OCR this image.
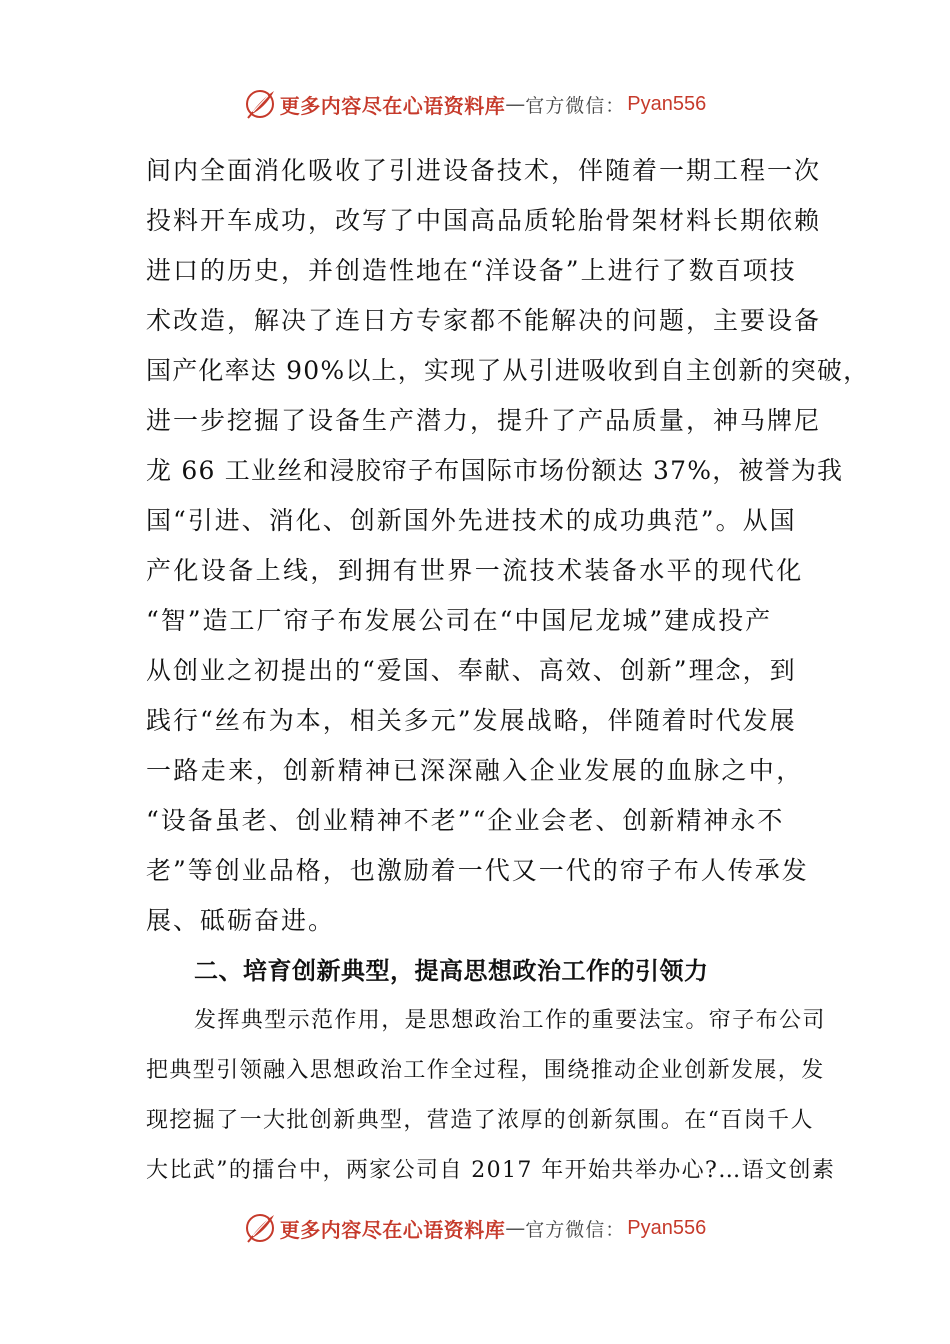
更多内容尽在心语资料库 — 官方微信： Pyan556
间内全面消化吸收了引进设备技术，伴随着一期工程一次
投料开车成功，改写了中国高品质轮胎骨架材料长期依赖
进口的历史，并创造性地在“洋设备”上进行了数百项技
术改造，解决了连日方专家都不能解决的问题，主要设备
国产化率达 90%以上，实现了从引进吸收到自主创新的突破，
进一步挖掘了设备生产潜力，提升了产品质量，神马牌尼
龙 66 工业丝和浸胶帘子布国际市场份额达 37%，被誉为我
国“引进、消化、创新国外先进技术的成功典范”。从国
产化设备上线，到拥有世界一流技术装备水平的现代化
“智”造工厂帘子布发展公司在“中国尼龙城”建成投产
从创业之初提出的“爱国、奉献、高效、创新”理念，到
践行“丝布为本，相关多元”发展战略，伴随着时代发展
一路走来，创新精神已深深融入企业发展的血脉之中，
“设备虽老、创业精神不老”“企业会老、创新精神永不
老”等创业品格，也激励着一代又一代的帘子布人传承发
展、砥砺奋进。
二、培育创新典型，提高思想政治工作的引领力
发挥典型示范作用，是思想政治工作的重要法宝。帘子布公司
把典型引领融入思想政治工作全过程，围绕推动企业创新发展，发
现挖掘了一大批创新典型，营造了浓厚的创新氛围。在“百岗千人
大比武”的擂台中，两家公司自 2017 年开始共举办心?…语文创素
更多内容尽在心语资料库 — 官方微信： Pyan556
